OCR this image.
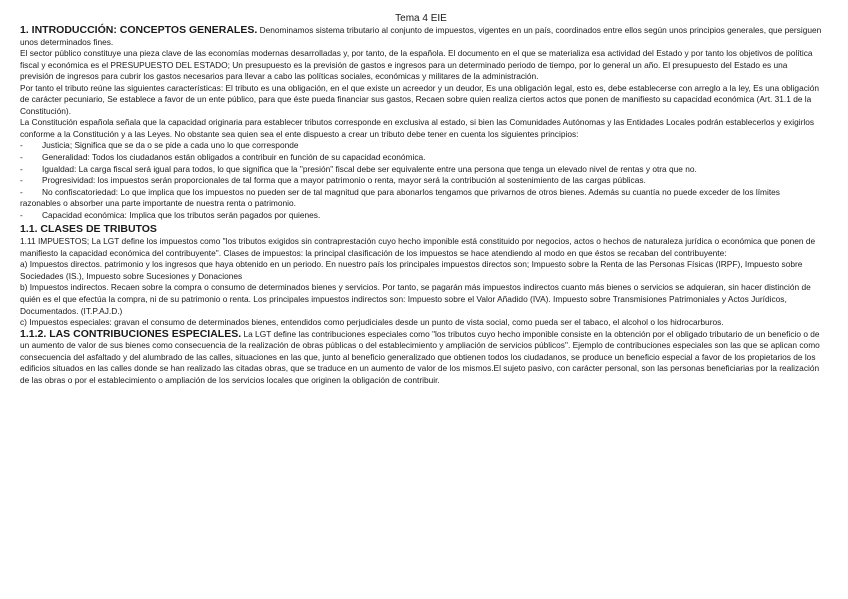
Tema 4 EIE

1. INTRODUCCIÓN: CONCEPTOS GENERALES. Denominamos sistema tributario al conjunto de impuestos, vigentes en un país, coordinados entre ellos según unos principios generales, que persiguen unos determinados fines.

El sector público constituye una pieza clave de las economías modernas desarrolladas y, por tanto, de la española. El documento en el que se materializa esa actividad del Estado y por tanto los objetivos de política fiscal y económica es el PRESUPUESTO DEL ESTADO; Un presupuesto es la previsión de gastos e ingresos para un determinado periodo de tiempo, por lo general un año. El presupuesto del Estado es una previsión de ingresos para cubrir los gastos necesarios para llevar a cabo las políticas sociales, económicas y militares de la administración.

Por tanto el tributo reúne las siguientes características: El tributo es una obligación, en el que existe un acreedor y un deudor, Es una obligación legal, esto es, debe establecerse con arreglo a la ley, Es una obligación de carácter pecuniario, Se establece a favor de un ente público, para que éste pueda financiar sus gastos, Recaen sobre quien realiza ciertos actos que ponen de manifiesto su capacidad económica (Art. 31.1 de la Constitución).

La Constitución española señala que la capacidad originaria para establecer tributos corresponde en exclusiva al estado, si bien las Comunidades Autónomas y las Entidades Locales podrán establecerlos y exigirlos conforme a la Constitución y a las Leyes. No obstante sea quien sea el ente dispuesto a crear un tributo debe tener en cuenta los siguientes principios:

-	Justicia; Significa que se da o se pide a cada uno lo que corresponde
-	Generalidad: Todos los ciudadanos están obligados a contribuir en función de su capacidad económica.
- Igualdad: La carga fiscal será igual para todos, lo que significa que la "presión" fiscal debe ser equivalente entre una persona que tenga un elevado nivel de rentas y otra que no.
-	Progresividad: los impuestos serán proporcionales de tal forma que a mayor patrimonio o renta, mayor será la contribución al sostenimiento de las cargas públicas.
- No confiscatoriedad: Lo que implica que los impuestos no pueden ser de tal magnitud que para abonarlos tengamos que privarnos de otros bienes. Además su cuantía no puede exceder de los límites razonables o absorber una parte importante de nuestra renta o patrimonio.
-	Capacidad económica: Implica que los tributos serán pagados por quienes.

1.1. CLASES DE TRIBUTOS

1.11 IMPUESTOS; La LGT define los impuestos como "los tributos exigidos sin contraprestación cuyo hecho imponible está constituido por negocios, actos o hechos de naturaleza jurídica o económica que ponen de manifiesto la capacidad económica del contribuyente". Clases de impuestos: la principal clasificación de los impuestos se hace atendiendo al modo en que éstos se recaban del contribuyente:

a) Impuestos directos. patrimonio y los ingresos que haya obtenido en un periodo. En nuestro país los principales impuestos directos son; Impuesto sobre la Renta de las Personas Físicas (IRPF), Impuesto sobre Sociedades (IS.), Impuesto sobre Sucesiones y Donaciones

b) Impuestos indirectos. Recaen sobre la compra o consumo de determinados bienes y servicios. Por tanto, se pagarán más impuestos indirectos cuanto más bienes o servicios se adquieran, sin hacer distinción de quién es el que efectúa la compra, ni de su patrimonio o renta. Los principales impuestos indirectos son: Impuesto sobre el Valor Añadido (IVA). Impuesto sobre Transmisiones Patrimoniales y Actos Jurídicos, Documentados. (IT.P.AJ.D.)

c) Impuestos especiales: gravan el consumo de determinados bienes, entendidos como perjudiciales desde un punto de vista social, como pueda ser el tabaco, el alcohol o los hidrocarburos.

1.1.2. LAS CONTRIBUCIONES ESPECIALES. La LGT define las contribuciones especiales como "los tributos cuyo hecho imponible consiste en la obtención por el obligado tributario de un beneficio o de un aumento de valor de sus bienes como consecuencia de la realización de obras públicas o del establecimiento y ampliación de servicios públicos". Ejemplo de contribuciones especiales son las que se aplican como consecuencia del asfaltado y del alumbrado de las calles, situaciones en las que, junto al beneficio generalizado que obtienen todos los ciudadanos, se produce un beneficio especial a favor de los propietarios de los edificios situados en las calles donde se han realizado las citadas obras, que se traduce en un aumento de valor de los mismos.El sujeto pasivo, con carácter personal, son las personas beneficiarias por la realización de las obras o por el establecimiento o ampliación de los servicios locales que originen la obligación de contribuir.
